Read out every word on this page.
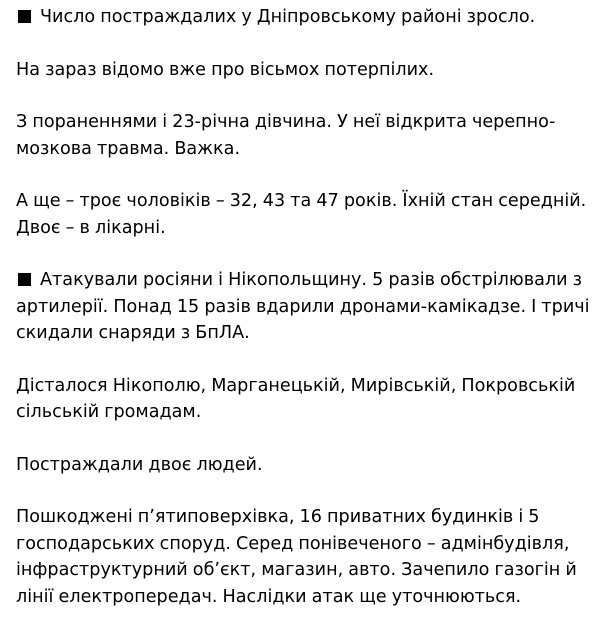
Число постраждалих у Дніпровському районі зросло.

На зараз відомо вже про вісьмох потерпілих.

З пораненнями і 23-річна дівчина. У неї відкрита черепно-мозкова травма. Важка.

А ще – троє чоловіків – 32, 43 та 47 років. Їхній стан середній. Двоє – в лікарні.

Атакували росіяни і Нікопольщину. 5 разів обстрілювали з артилерії. Понад 15 разів вдарили дронами-камікадзе. І тричі скидали снаряди з БпЛА.

Дісталося Нікополю, Марганецькій, Мирівській, Покровській сільській громадам.

Постраждали двоє людей.

Пошкоджені пʼятиповерхівка, 16 приватних будинків і 5 господарських споруд. Серед понівеченого – адмінбудівля, інфраструктурний обʼєкт, магазин, авто. Зачепило газогін й лінії електропередач. Наслідки атак ще уточнюються.
